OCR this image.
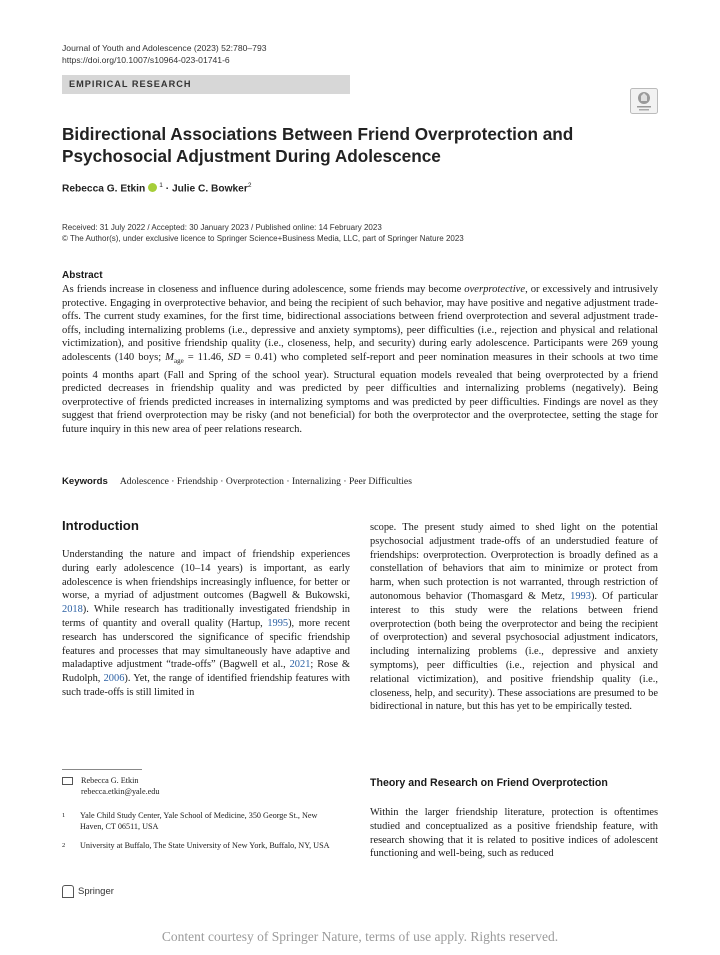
Journal of Youth and Adolescence (2023) 52:780–793
https://doi.org/10.1007/s10964-023-01741-6
EMPIRICAL RESEARCH
Bidirectional Associations Between Friend Overprotection and
Psychosocial Adjustment During Adolescence
Rebecca G. Etkin $^1$ · Julie C. Bowker$^2$
Received: 31 July 2022 / Accepted: 30 January 2023 / Published online: 14 February 2023
© The Author(s), under exclusive licence to Springer Science+Business Media, LLC, part of Springer Nature 2023
Abstract
As friends increase in closeness and influence during adolescence, some friends may become overprotective, or excessively and intrusively protective. Engaging in overprotective behavior, and being the recipient of such behavior, may have positive and negative adjustment trade-offs. The current study examines, for the first time, bidirectional associations between friend overprotection and several adjustment trade-offs, including internalizing problems (i.e., depressive and anxiety symptoms), peer difficulties (i.e., rejection and physical and relational victimization), and positive friendship quality (i.e., closeness, help, and security) during early adolescence. Participants were 269 young adolescents (140 boys; $M_{age} = 11.46$, SD = 0.41) who completed self-report and peer nomination measures in their schools at two time points 4 months apart (Fall and Spring of the school year). Structural equation models revealed that being overprotected by a friend predicted decreases in friendship quality and was predicted by peer difficulties and internalizing problems (negatively). Being overprotective of friends predicted increases in internalizing symptoms and was predicted by peer difficulties. Findings are novel as they suggest that friend overprotection may be risky (and not beneficial) for both the overprotector and the overprotectee, setting the stage for future inquiry in this new area of peer relations research.
Keywords Adolescence · Friendship · Overprotection · Internalizing · Peer Difficulties
Introduction

Understanding the nature and impact of friendship experiences during early adolescence (10–14 years) is important, as early adolescence is when friendships increasingly influence, for better or worse, a myriad of adjustment outcomes (Bagwell & Bukowski, 2018). While research has traditionally investigated friendship in terms of quantity and overall quality (Hartup, 1995), more recent research has underscored the significance of specific friendship features and processes that may simultaneously have adaptive and maladaptive adjustment “trade-offs” (Bagwell et al., 2021; Rose & Rudolph, 2006). Yet, the range of identified friendship features with such trade-offs is still limited in

scope. The present study aimed to shed light on the potential psychosocial adjustment trade-offs of an understudied feature of friendships: overprotection. Overprotection is broadly defined as a constellation of behaviors that aim to minimize or protect from harm, when such protection is not warranted, through restriction of autonomous behavior (Thomasgard & Metz, 1993). Of particular interest to this study were the relations between friend overprotection (both being the overprotector and being the recipient of overprotection) and several psychosocial adjustment indicators, including internalizing problems (i.e., depressive and anxiety symptoms), peer difficulties (i.e., rejection and physical and relational victimization), and positive friendship quality (i.e., closeness, help, and security). These associations are presumed to be bidirectional in nature, but this has yet to be empirically tested.

Rebecca G. Etkin
rebecca.etkin@yale.edu
1 Yale Child Study Center, Yale School of Medicine, 350 George St., New Haven, CT 06511, USA
2 University at Buffalo, The State University of New York, Buffalo, NY, USA
Theory and Research on Friend Overprotection

Within the larger friendship literature, protection is oftentimes studied and conceptualized as a positive friendship feature, with research showing that it is related to positive indices of adolescent functioning and well-being, such as reduced

Springer
Content courtesy of Springer Nature, terms of use apply. Rights reserved.
